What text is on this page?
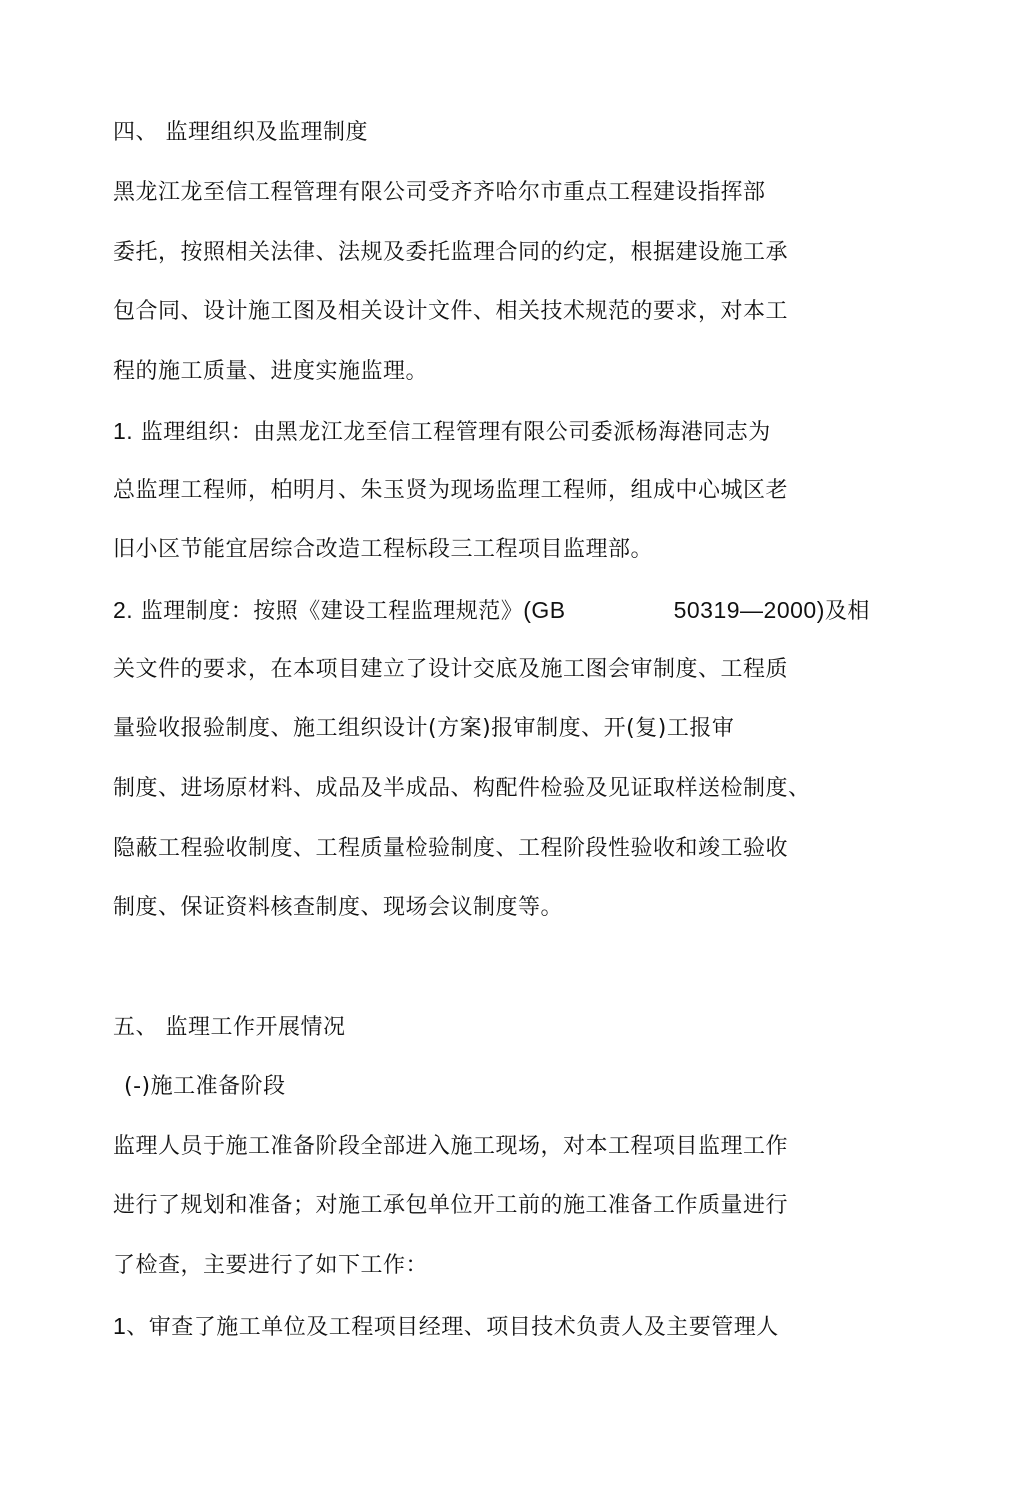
四、 监理组织及监理制度
黑龙江龙至信工程管理有限公司受齐齐哈尔市重点工程建设指挥部
委托，按照相关法律、法规及委托监理合同的约定，根据建设施工承
包合同、设计施工图及相关设计文件、相关技术规范的要求，对本工
程的施工质量、进度实施监理。
1. 监理组织：由黑龙江龙至信工程管理有限公司委派杨海港同志为
总监理工程师，柏明月、朱玉贤为现场监理工程师，组成中心城区老
旧小区节能宜居综合改造工程标段三工程项目监理部。
2. 监理制度：按照《建设工程监理规范》(GB	50319—2000)及相
关文件的要求，在本项目建立了设计交底及施工图会审制度、工程质
量验收报验制度、施工组织设计(方案)报审制度、开(复)工报审
制度、进场原材料、成品及半成品、构配件检验及见证取样送检制度、
隐蔽工程验收制度、工程质量检验制度、工程阶段性验收和竣工验收
制度、保证资料核查制度、现场会议制度等。
五、 监理工作开展情况
(-)施工准备阶段
监理人员于施工准备阶段全部进入施工现场，对本工程项目监理工作
进行了规划和准备；对施工承包单位开工前的施工准备工作质量进行
了检查，主要进行了如下工作：
1、审查了施工单位及工程项目经理、项目技术负责人及主要管理人
